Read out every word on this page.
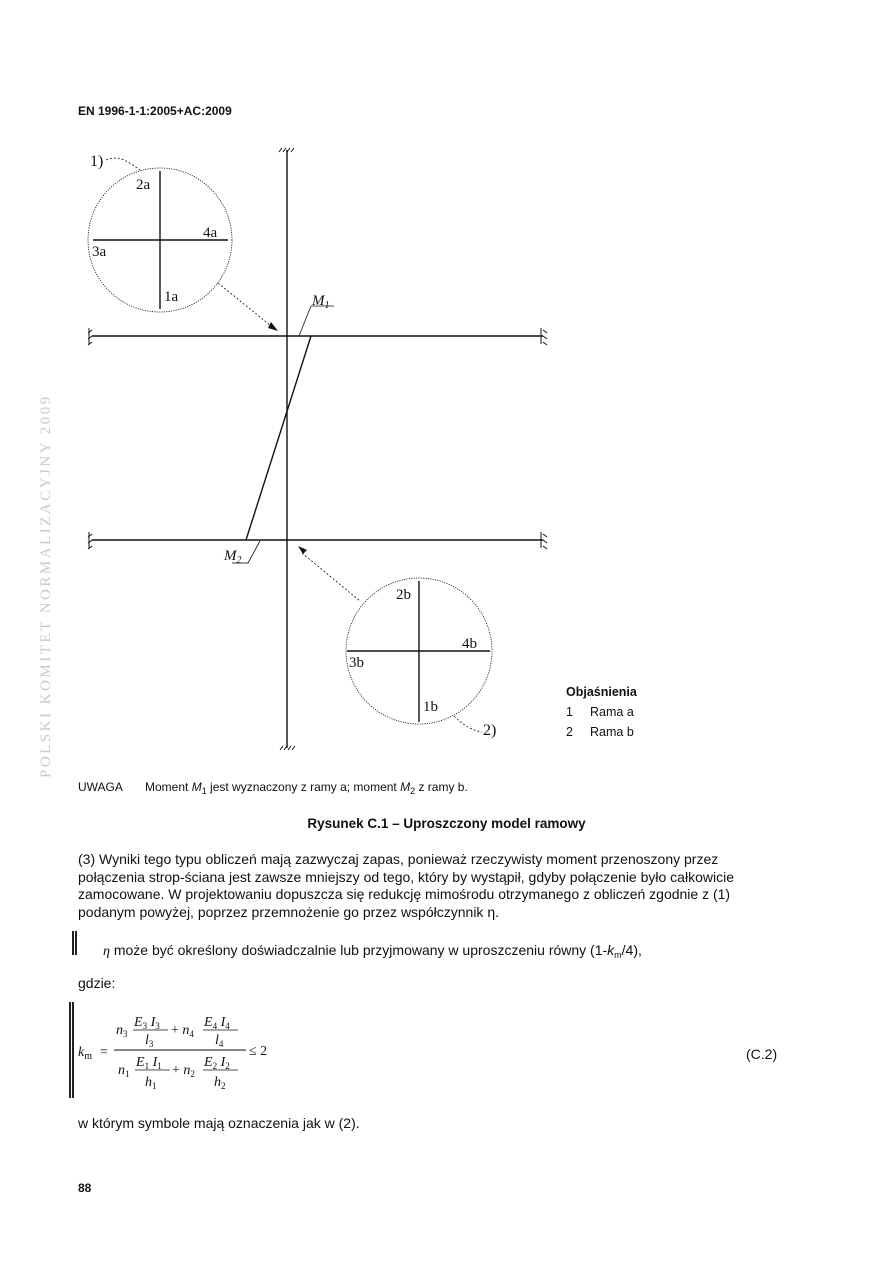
EN 1996-1-1:2005+AC:2009
POLSKI KOMITET NORMALIZACYJNY 2009
1)
2a
4a
3a
1a	$M_1$
$M_2$
2b
4b
3b
1b
2)
Objaśnienia
1 Rama a
2 Rama b
UWAGA Moment $M_1$ jest wyznaczony z ramy a; moment $M_2$ z ramy b.
Rysunek C.1 – Uproszczony model ramowy
(3) Wyniki tego typu obliczeń mają zazwyczaj zapas, ponieważ rzeczywisty moment przenoszony przez połączenia strop-ściana jest zawsze mniejszy od tego, który by wystąpił, gdyby połączenie było całkowicie zamocowane. W projektowaniu dopuszcza się redukcję mimośrodu otrzymanego z obliczeń zgodnie z (1) podanym powyżej, poprzez przemnożenie go przez współczynnik η.
η może być określony doświadczalnie lub przyjmowany w uproszczeniu równy $(1-k_m/4)$,
gdzie:
$k_m$ =
$n_3$
$E_3$ $I_3$
$l_3$
+ $n_4$
$E_4$ $I_4$
$l_4$
$n_1$
$E_1$ $I_1$
$h_1$
+ $n_2$
$E_2$ $I_2$
$h_2$
≤ 2	(C.2)
w którym symbole mają oznaczenia jak w (2).
88
